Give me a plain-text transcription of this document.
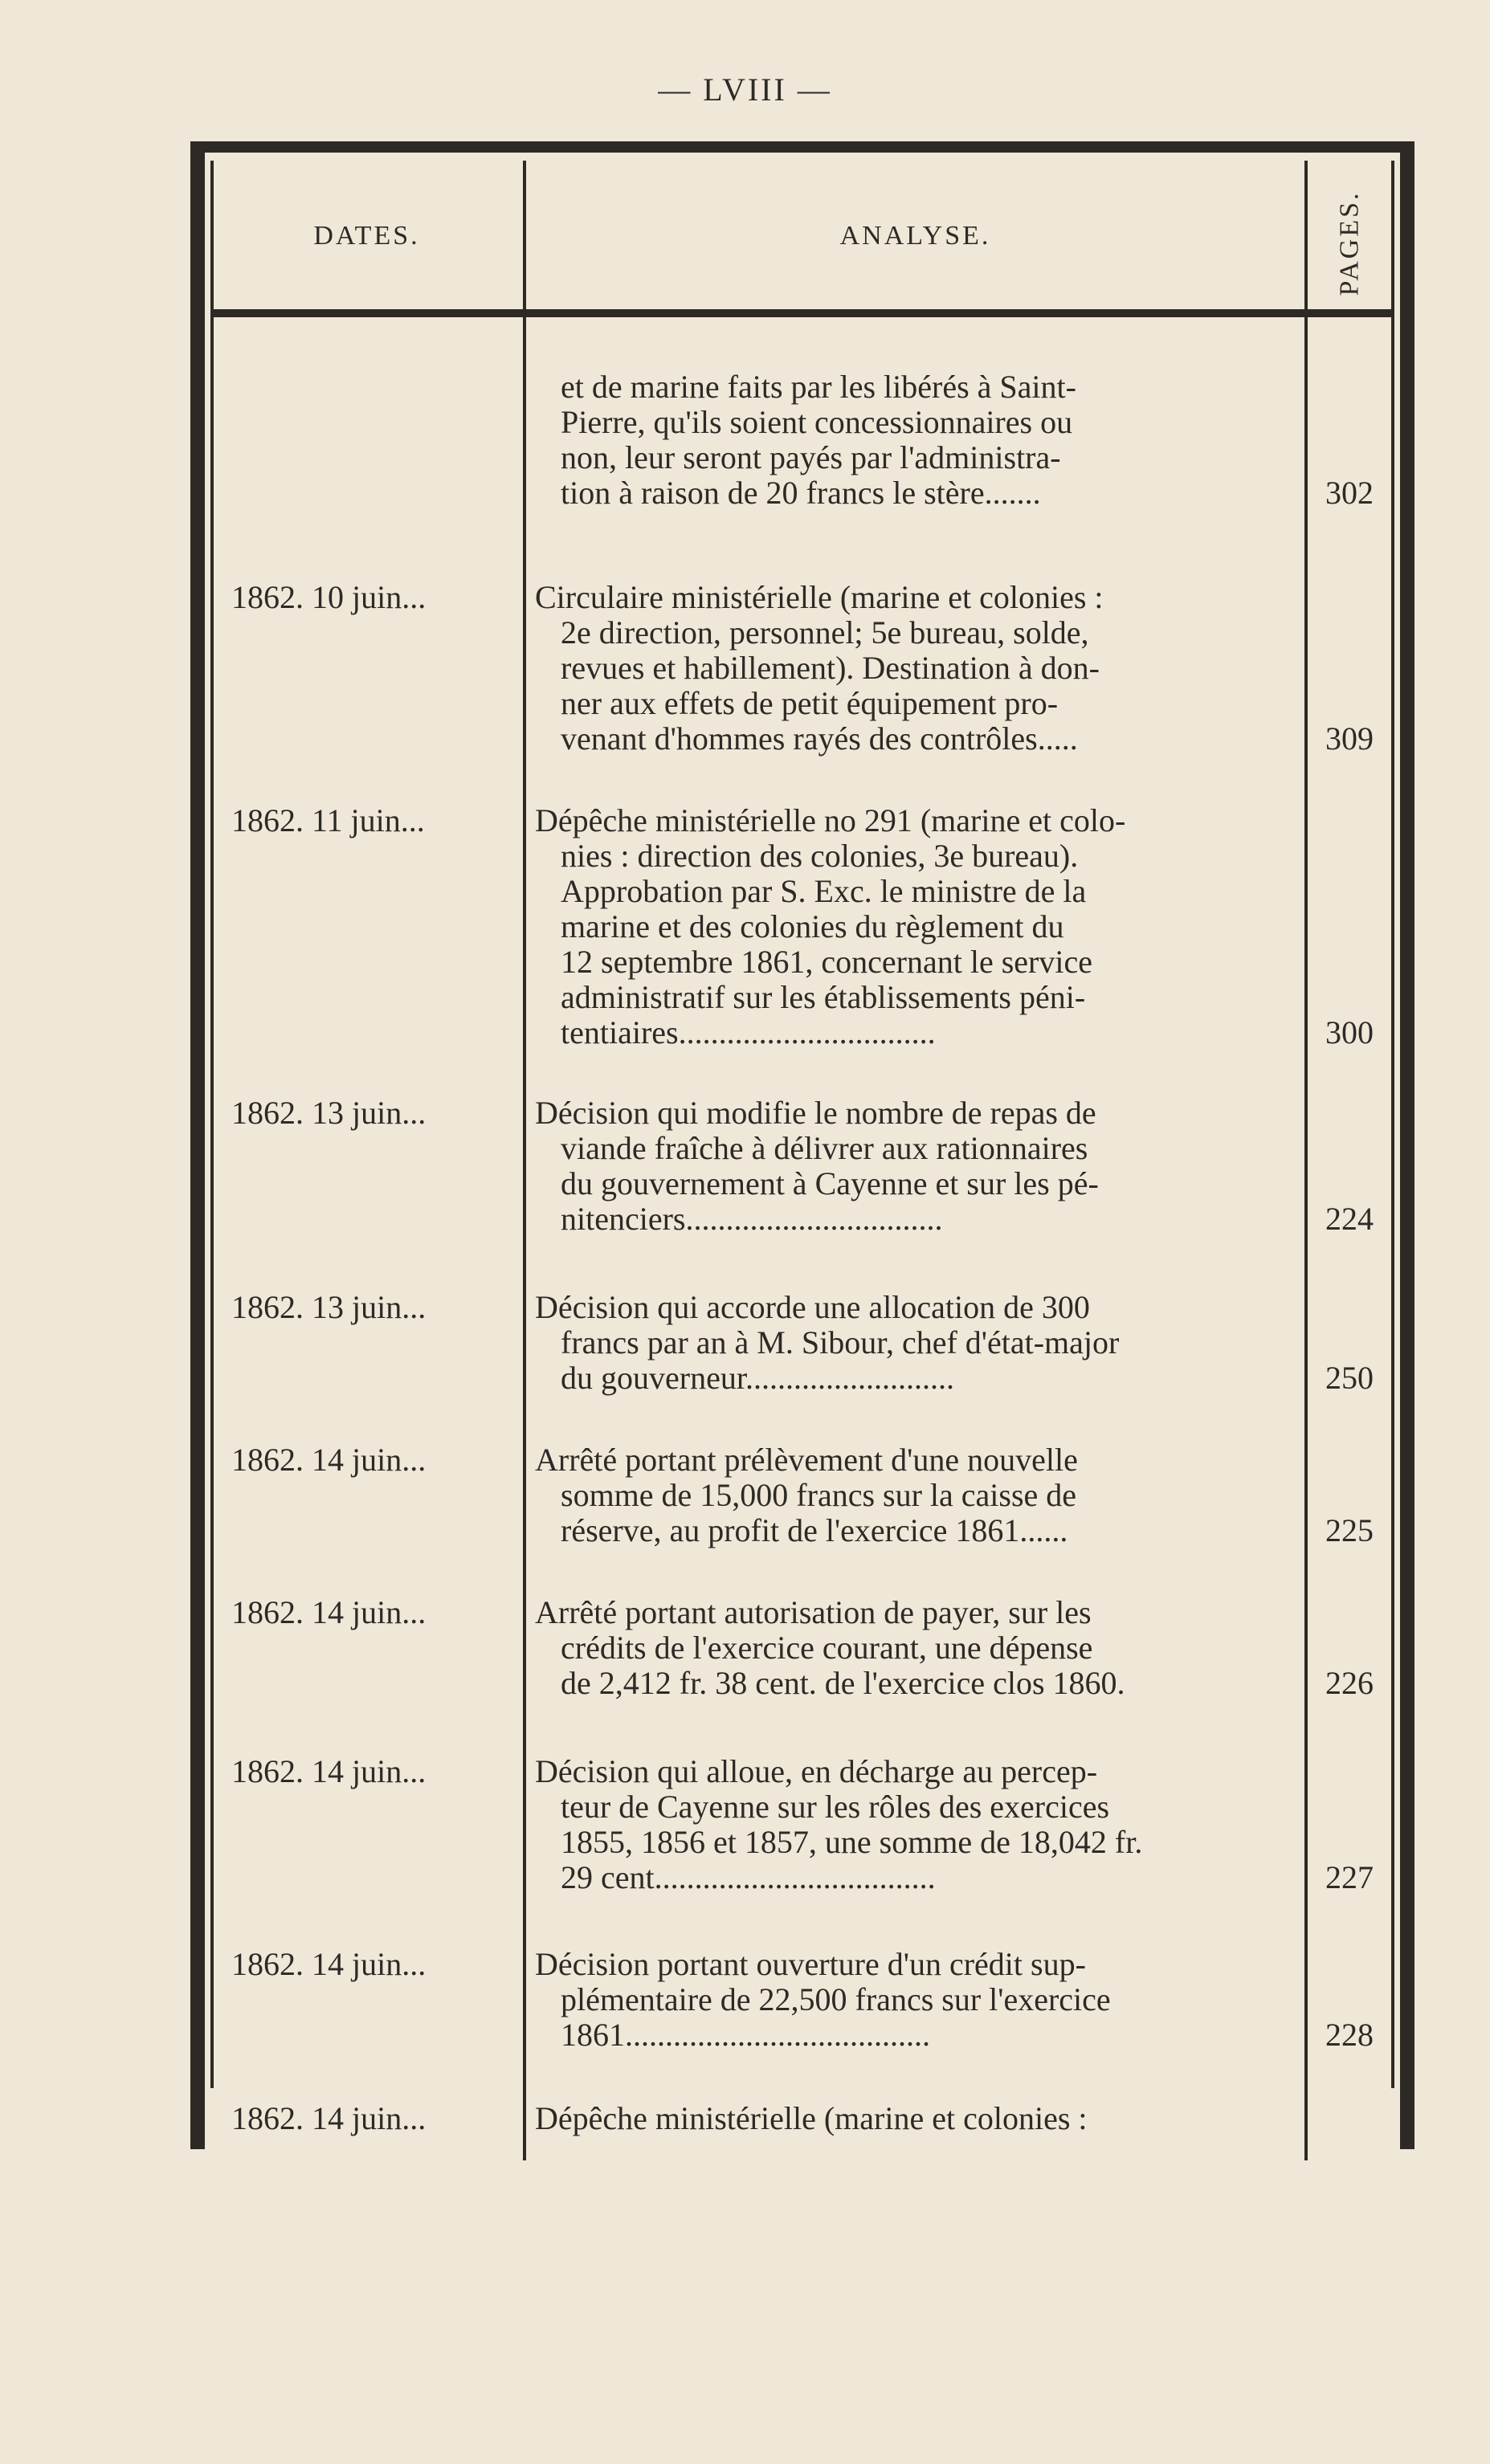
— LVIII —
DATES.	ANALYSE.	PAGES.
et de marine faits par les libérés à Saint-
Pierre, qu'ils soient concessionnaires ou
non, leur seront payés par l'administra-
tion à raison de 20 francs le stère.......	302
1862. 10 juin...	Circulaire ministérielle (marine et colonies :
2e direction, personnel; 5e bureau, solde,
revues et habillement). Destination à don-
ner aux effets de petit équipement pro-
venant d'hommes rayés des contrôles.....	309
1862. 11 juin...	Dépêche ministérielle no 291 (marine et colo-
nies : direction des colonies, 3e bureau).
Approbation par S. Exc. le ministre de la
marine et des colonies du règlement du
12 septembre 1861, concernant le service
administratif sur les établissements péni-
tentiaires................................	300
1862. 13 juin...	Décision qui modifie le nombre de repas de
viande fraîche à délivrer aux rationnaires
du gouvernement à Cayenne et sur les pé-
nitenciers................................	224
1862. 13 juin...	Décision qui accorde une allocation de 300
francs par an à M. Sibour, chef d'état-major
du gouverneur..........................	250
1862. 14 juin...	Arrêté portant prélèvement d'une nouvelle
somme de 15,000 francs sur la caisse de
réserve, au profit de l'exercice 1861......	225
1862. 14 juin...	Arrêté portant autorisation de payer, sur les
crédits de l'exercice courant, une dépense
de 2,412 fr. 38 cent. de l'exercice clos 1860.	226
1862. 14 juin...	Décision qui alloue, en décharge au percep-
teur de Cayenne sur les rôles des exercices
1855, 1856 et 1857, une somme de 18,042 fr.
29 cent...................................	227
1862. 14 juin...	Décision portant ouverture d'un crédit sup-
plémentaire de 22,500 francs sur l'exercice
1861......................................	228
1862. 14 juin...	Dépêche ministérielle (marine et colonies :
